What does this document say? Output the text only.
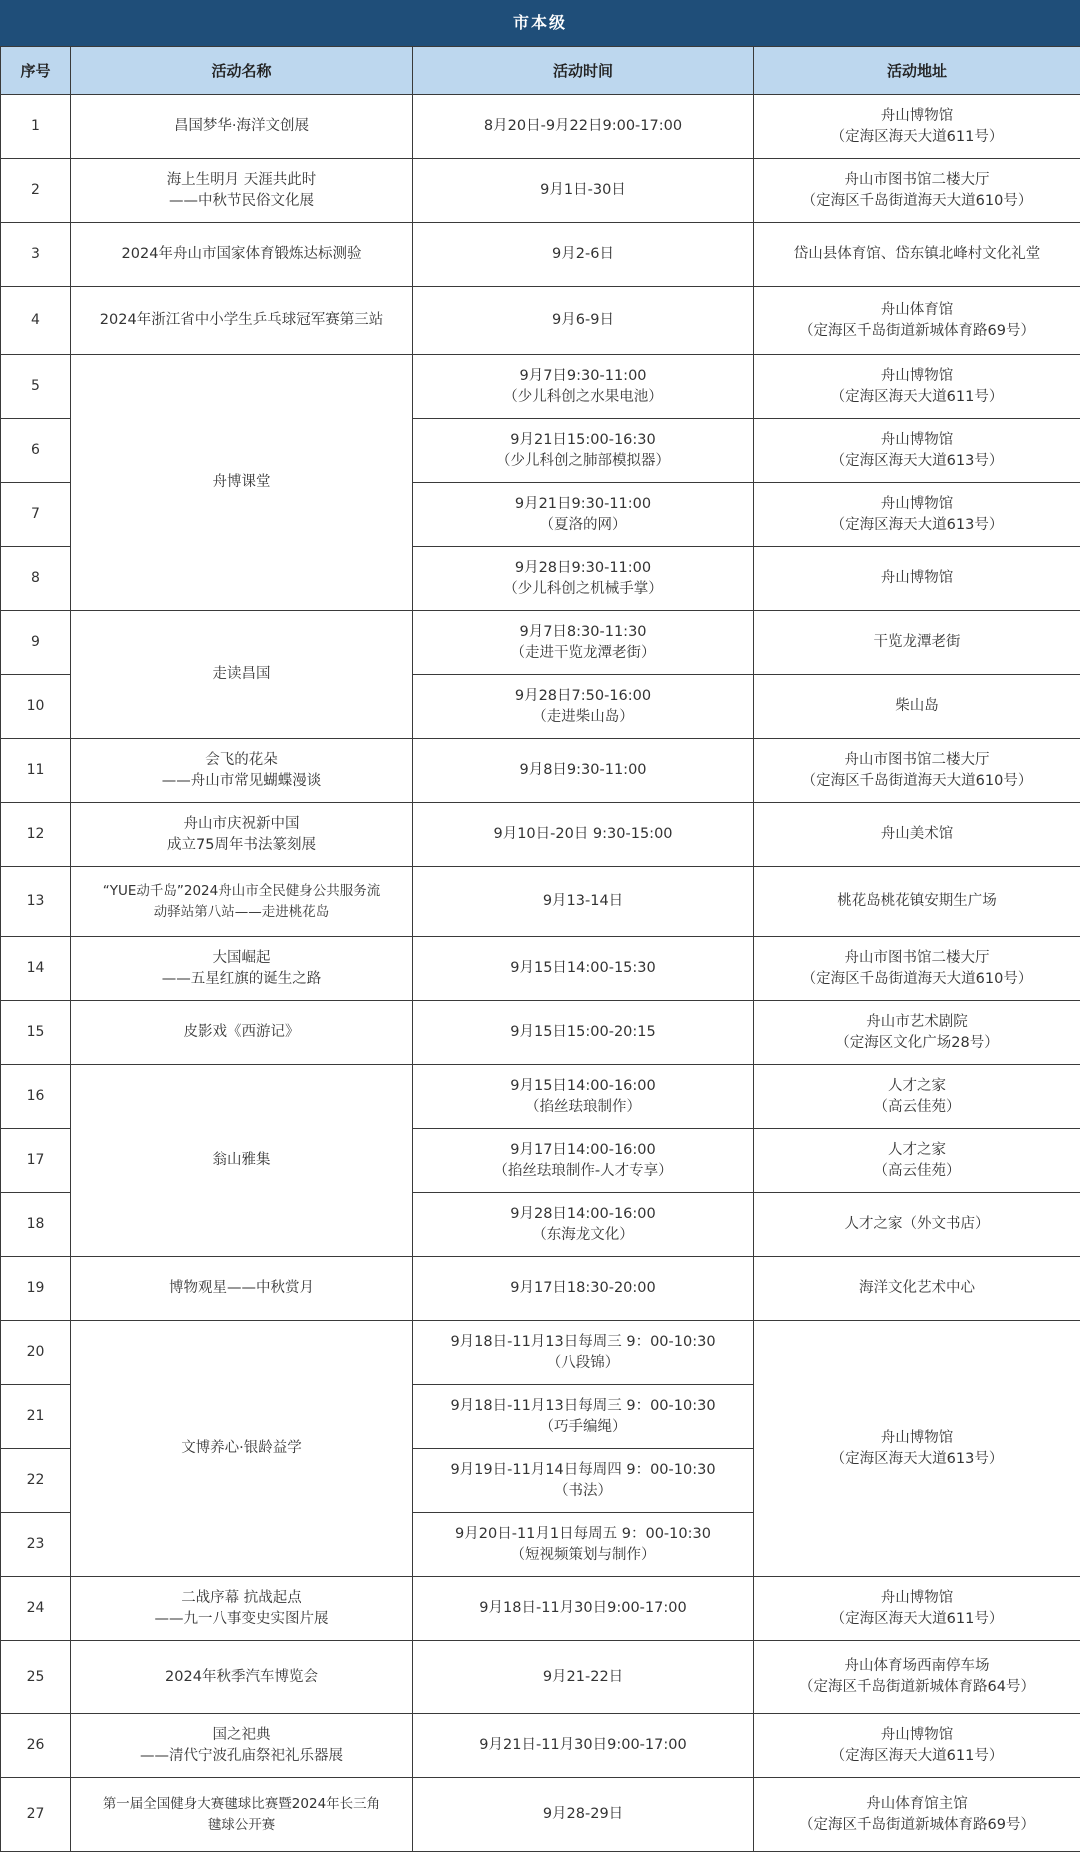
市本级
序号	活动名称	活动时间	活动地址
1	昌国梦华·海洋文创展	8月20日-9月22日9:00-17:00	舟山博物馆
（定海区海天大道611号）
2	海上生明月 天涯共此时
——中秋节民俗文化展	9月1日-30日	舟山市图书馆二楼大厅
（定海区千岛街道海天大道610号）
3	2024年舟山市国家体育锻炼达标测验	9月2-6日	岱山县体育馆、岱东镇北峰村文化礼堂
4	2024年浙江省中小学生乒乓球冠军赛第三站	9月6-9日	舟山体育馆
（定海区千岛街道新城体育路69号）
5	舟博课堂	9月7日9:30-11:00
（少儿科创之水果电池）	舟山博物馆
（定海区海天大道611号）
6		9月21日15:00-16:30
（少儿科创之肺部模拟器）	舟山博物馆
（定海区海天大道613号）
7		9月21日9:30-11:00
（夏洛的网）	舟山博物馆
（定海区海天大道613号）
8		9月28日9:30-11:00
（少儿科创之机械手掌）	舟山博物馆
9	走读昌国	9月7日8:30-11:30
（走进干览龙潭老街）	干览龙潭老街
10		9月28日7:50-16:00
（走进柴山岛）	柴山岛
11	会飞的花朵
——舟山市常见蝴蝶漫谈	9月8日9:30-11:00	舟山市图书馆二楼大厅
（定海区千岛街道海天大道610号）
12	舟山市庆祝新中国
成立75周年书法篆刻展	9月10日-20日 9:30-15:00	舟山美术馆
13	“YUE动千岛”2024舟山市全民健身公共服务流
动驿站第八站——走进桃花岛	9月13-14日	桃花岛桃花镇安期生广场
14	大国崛起
——五星红旗的诞生之路	9月15日14:00-15:30	舟山市图书馆二楼大厅
（定海区千岛街道海天大道610号）
15	皮影戏《西游记》	9月15日15:00-20:15	舟山市艺术剧院
（定海区文化广场28号）
16	翁山雅集	9月15日14:00-16:00
（掐丝珐琅制作）	人才之家
（高云佳苑）
17		9月17日14:00-16:00
（掐丝珐琅制作-人才专享）	人才之家
（高云佳苑）
18		9月28日14:00-16:00
（东海龙文化）	人才之家（外文书店）
19	博物观星——中秋赏月	9月17日18:30-20:00	海洋文化艺术中心
20	文博养心·银龄益学	9月18日-11月13日每周三 9：00-10:30
（八段锦）	舟山博物馆
（定海区海天大道613号）
21		9月18日-11月13日每周三 9：00-10:30
（巧手编绳）	
22		9月19日-11月14日每周四 9：00-10:30
（书法）	
23		9月20日-11月1日每周五 9：00-10:30
（短视频策划与制作）	
24	二战序幕 抗战起点
——九一八事变史实图片展	9月18日-11月30日9:00-17:00	舟山博物馆
（定海区海天大道611号）
25	2024年秋季汽车博览会	9月21-22日	舟山体育场西南停车场
（定海区千岛街道新城体育路64号）
26	国之祀典
——清代宁波孔庙祭祀礼乐器展	9月21日-11月30日9:00-17:00	舟山博物馆
（定海区海天大道611号）
27	第一届全国健身大赛毽球比赛暨2024年长三角
毽球公开赛	9月28-29日	舟山体育馆主馆
（定海区千岛街道新城体育路69号）
